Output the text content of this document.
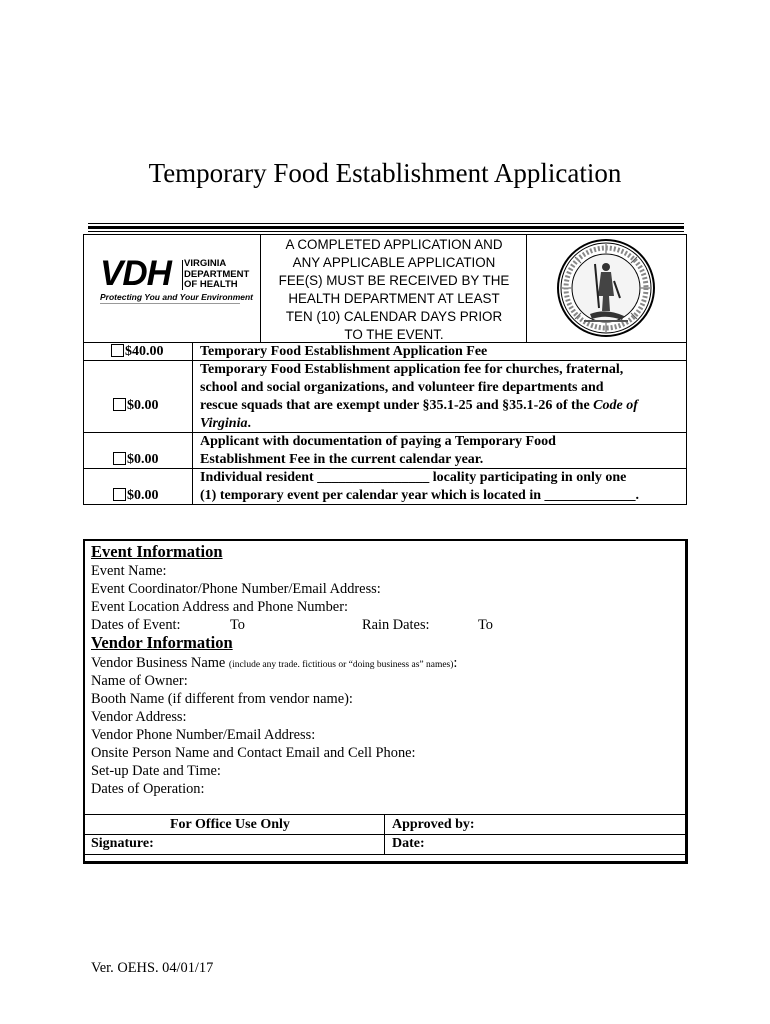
Temporary Food Establishment Application
VDH VIRGINIA
DEPARTMENT
OF HEALTH
Protecting You and Your Environment
A COMPLETED APPLICATION AND
ANY APPLICABLE APPLICATION
FEE(S) MUST BE RECEIVED BY THE
HEALTH DEPARTMENT AT LEAST
TEN (10) CALENDAR DAYS PRIOR
TO THE EVENT.
$40.00	Temporary Food Establishment Application Fee
$0.00
Temporary Food Establishment application fee for churches, fraternal,
school and social organizations, and volunteer fire departments and
rescue squads that are exempt under §35.1-25 and §35.1-26 of the Code of
Virginia.
$0.00
Applicant with documentation of paying a Temporary Food
Establishment Fee in the current calendar year.
$0.00
Individual resident ________________ locality participating in only one
(1) temporary event per calendar year which is located in _____________.
Event Information
Event Name:
Event Coordinator/Phone Number/Email Address:
Event Location Address and Phone Number:
Dates of Event:	To	Rain Dates:	To
Vendor Information
Vendor Business Name (include any trade. fictitious or “doing business as” names):
Name of Owner:
Booth Name (if different from vendor name):
Vendor Address:
Vendor Phone Number/Email Address:
Onsite Person Name and Contact Email and Cell Phone:
Set-up Date and Time:
Dates of Operation:
For Office Use Only	Approved by:
Signature:	Date:
Ver. OEHS. 04/01/17
